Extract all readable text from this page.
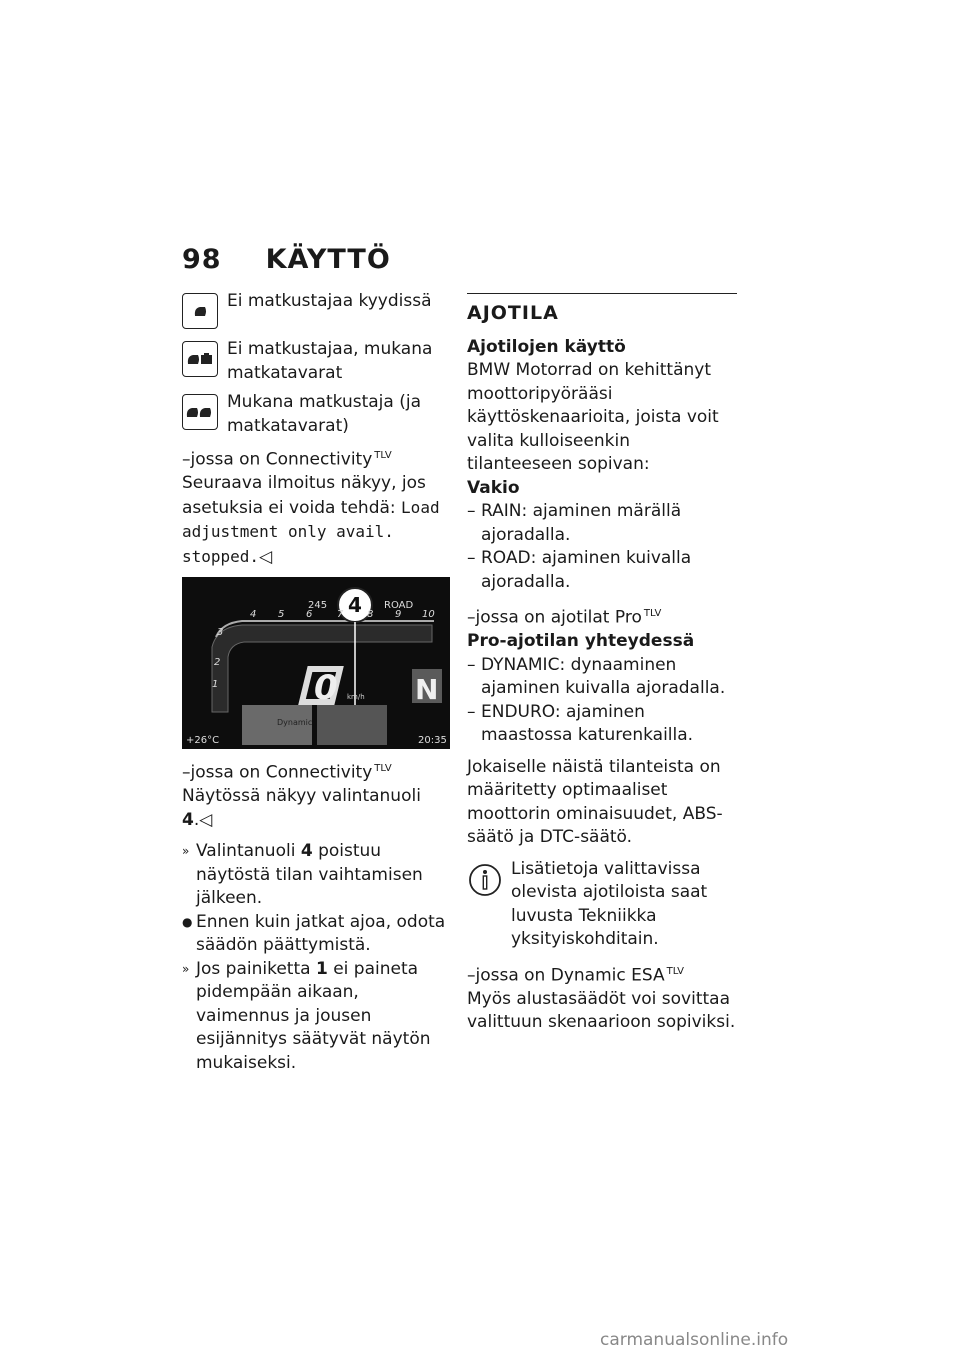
98 KÄYTTÖ
Ei matkustajaa kyydissä
Ei matkustajaa, mukana matkatavarat
Mukana matkustaja (ja matkatavarat)
–jossa on Connectivity $^{TLV}$
Seuraava ilmoitus näkyy, jos asetuksia ei voida tehdä: Load adjustment only avail. stopped.◁
4
245	ROAD
1
2
3
4 5 6 7 8 9 10
0 km/h N
Dynamic
+26°C	20:35
–jossa on Connectivity $^{TLV}$
Näytössä näkyy valintanuoli 4.◁
» Valintanuoli 4 poistuu näytöstä tilan vaihtamisen jälkeen.
● Ennen kuin jatkat ajoa, odota säädön päättymistä.
» Jos painiketta 1 ei paineta pidempään aikaan, vaimennus ja jousen esijännitys säätyvät näytön mukaiseksi.
AJOTILA
Ajotilojen käyttö
BMW Motorrad on kehittänyt moottoripyörääsi käyttöskenaarioita, joista voit valita kulloiseenkin tilanteeseen sopivan:
Vakio
– RAIN: ajaminen märällä ajoradalla.
– ROAD: ajaminen kuivalla ajoradalla.
–jossa on ajotilat Pro $^{TLV}$
Pro-ajotilan yhteydessä
– DYNAMIC: dynaaminen ajaminen kuivalla ajoradalla.
– ENDURO: ajaminen maastossa katurenkailla.
Jokaiselle näistä tilanteista on määritetty optimaaliset moottorin ominaisuudet, ABS-säätö ja DTC-säätö.
Lisätietoja valittavissa olevista ajotiloista saat luvusta Tekniikka yksityiskohditain.
–jossa on Dynamic ESA $^{TLV}$
Myös alustasäädöt voi sovittaa valittuun skenaarioon sopiviksi.
carmanualsonline.info
